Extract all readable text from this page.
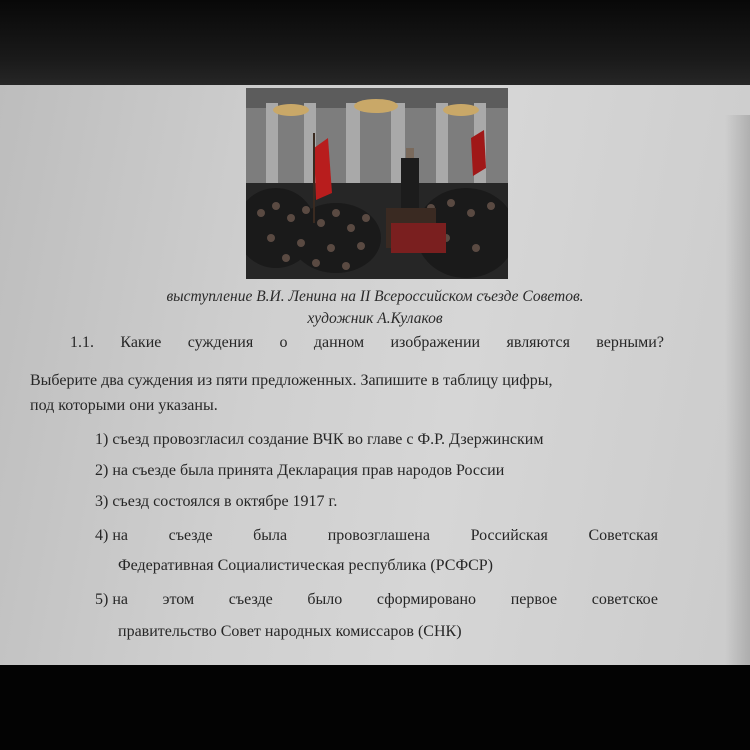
выступление В.И. Ленина на II Всероссийском съезде Советов.
художник А.Кулаков
1.1. Какие суждения о данном изображении являются верными?
Выберите два суждения из пяти предложенных. Запишите в таблицу цифры,
под которыми они указаны.
1) съезд провозгласил создание ВЧК во главе с Ф.Р. Дзержинским
2) на съезде была принята Декларация прав народов России
3) съезд состоялся в октябре 1917 г.
4) на	съезде	была	провозглашена	Российская	Советская
Федеративная Социалистическая республика (РСФСР)
5) на этом съезде было сформировано первое советское
правительство Совет народных комиссаров (СНК)
